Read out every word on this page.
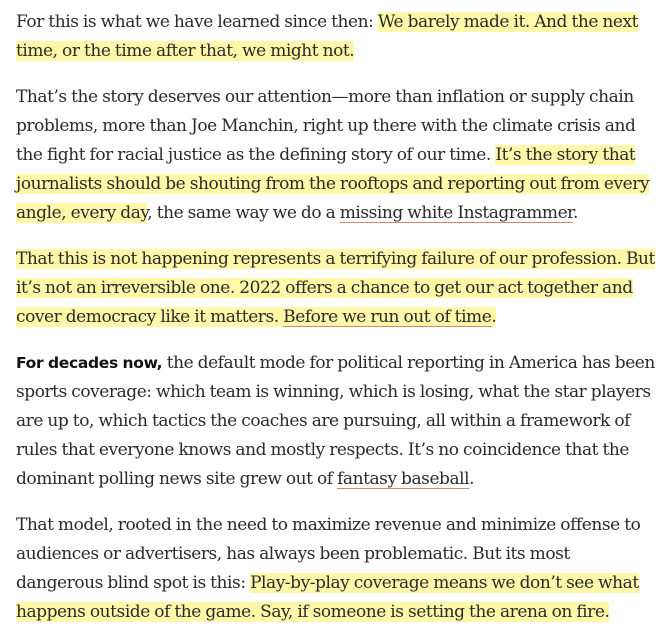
For this is what we have learned since then: We barely made it. And the next time, or the time after that, we might not.

That’s the story deserves our attention—more than inflation or supply chain problems, more than Joe Manchin, right up there with the climate crisis and the fight for racial justice as the defining story of our time. It’s the story that journalists should be shouting from the rooftops and reporting out from every angle, every day, the same way we do a missing white Instagrammer.

That this is not happening represents a terrifying failure of our profession. But it’s not an irreversible one. 2022 offers a chance to get our act together and cover democracy like it matters. Before we run out of time.

For decades now, the default mode for political reporting in America has been sports coverage: which team is winning, which is losing, what the star players are up to, which tactics the coaches are pursuing, all within a framework of rules that everyone knows and mostly respects. It’s no coincidence that the dominant polling news site grew out of fantasy baseball.

That model, rooted in the need to maximize revenue and minimize offense to audiences or advertisers, has always been problematic. But its most dangerous blind spot is this: Play-by-play coverage means we don’t see what happens outside of the game. Say, if someone is setting the arena on fire.
